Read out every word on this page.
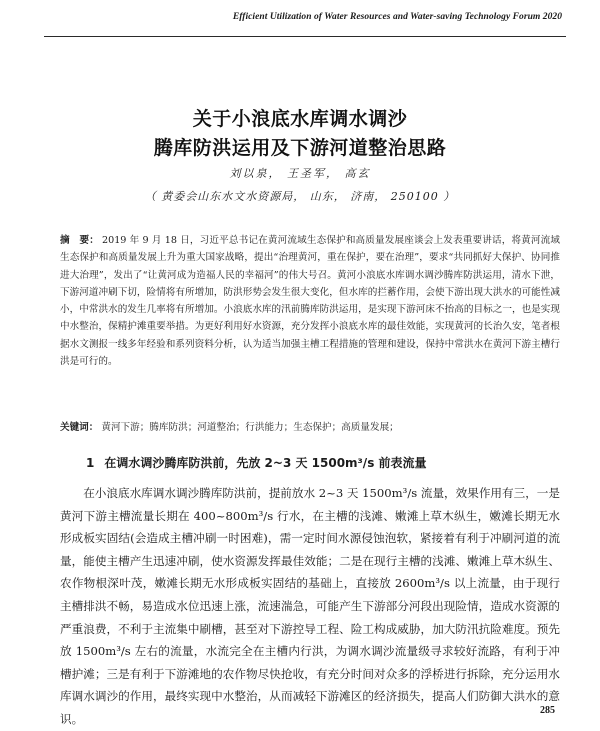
Efficient Utilization of Water Resources and Water-saving Technology Forum 2020
关于小浪底水库调水调沙
腾库防洪运用及下游河道整治思路
刘以泉， 王圣军， 高玄
（ 黄委会山东水文水资源局， 山东， 济南， 250100 ）
摘　要： 2019 年 9 月 18 日，习近平总书记在黄河流域生态保护和高质量发展座谈会上发表重要讲话，将黄河流域生态保护和高质量发展上升为重大国家战略，提出“治理黄河，重在保护，要在治理”，要求“共同抓好大保护、协同推进大治理”，发出了“让黄河成为造福人民的幸福河”的伟大号召。黄河小浪底水库调水调沙腾库防洪运用，清水下泄，下游河道冲刷下切，险情将有所增加，防洪形势会发生很大变化，但水库的拦蓄作用，会使下游出现大洪水的可能性减小，中常洪水的发生几率将有所增加。小浪底水库的汛前腾库防洪运用，是实现下游河床不抬高的目标之一，也是实现中水整治，保精护滩重要举措。为更好利用好水资源，充分发挥小浪底水库的最佳效能，实现黄河的长治久安，笔者根据水文测报一线多年经验和系列资料分析，认为适当加强主槽工程措施的管理和建设，保持中常洪水在黄河下游主槽行洪是可行的。
关键词： 黄河下游；腾库防洪；河道整治；行洪能力；生态保护；高质量发展；
1 在调水调沙腾库防洪前，先放 2~3 天 1500m³/s 前表流量
在小浪底水库调水调沙腾库防洪前，提前放水 2~3 天 1500m³/s 流量，效果作用有三，一是黄河下游主槽流量长期在 400~800m³/s 行水，在主槽的浅滩、嫩滩上草木纵生，嫩滩长期无水形成板实固结(会造成主槽冲刷一时困难)，需一定时间水源侵蚀泡软，紧接着有利于冲刷河道的流量，能使主槽产生迅速冲刷，使水资源发挥最佳效能；二是在现行主槽的浅滩、嫩滩上草木纵生、农作物根深叶茂，嫩滩长期无水形成板实固结的基础上，直接放 2600m³/s 以上流量，由于现行主槽排洪不畅，易造成水位迅速上涨，流速湍急，可能产生下游部分河段出现险情，造成水资源的严重浪费，不利于主流集中刷槽，甚至对下游控导工程、险工构成威胁，加大防汛抗险难度。预先放 1500m³/s 左右的流量，水流完全在主槽内行洪，为调水调沙流量级寻求较好流路，有利于冲槽护滩；三是有利于下游滩地的农作物尽快抢收，有充分时间对众多的浮桥进行拆除，充分运用水库调水调沙的作用，最终实现中水整治，从而减轻下游滩区的经济损失，提高人们防御大洪水的意识。
285
